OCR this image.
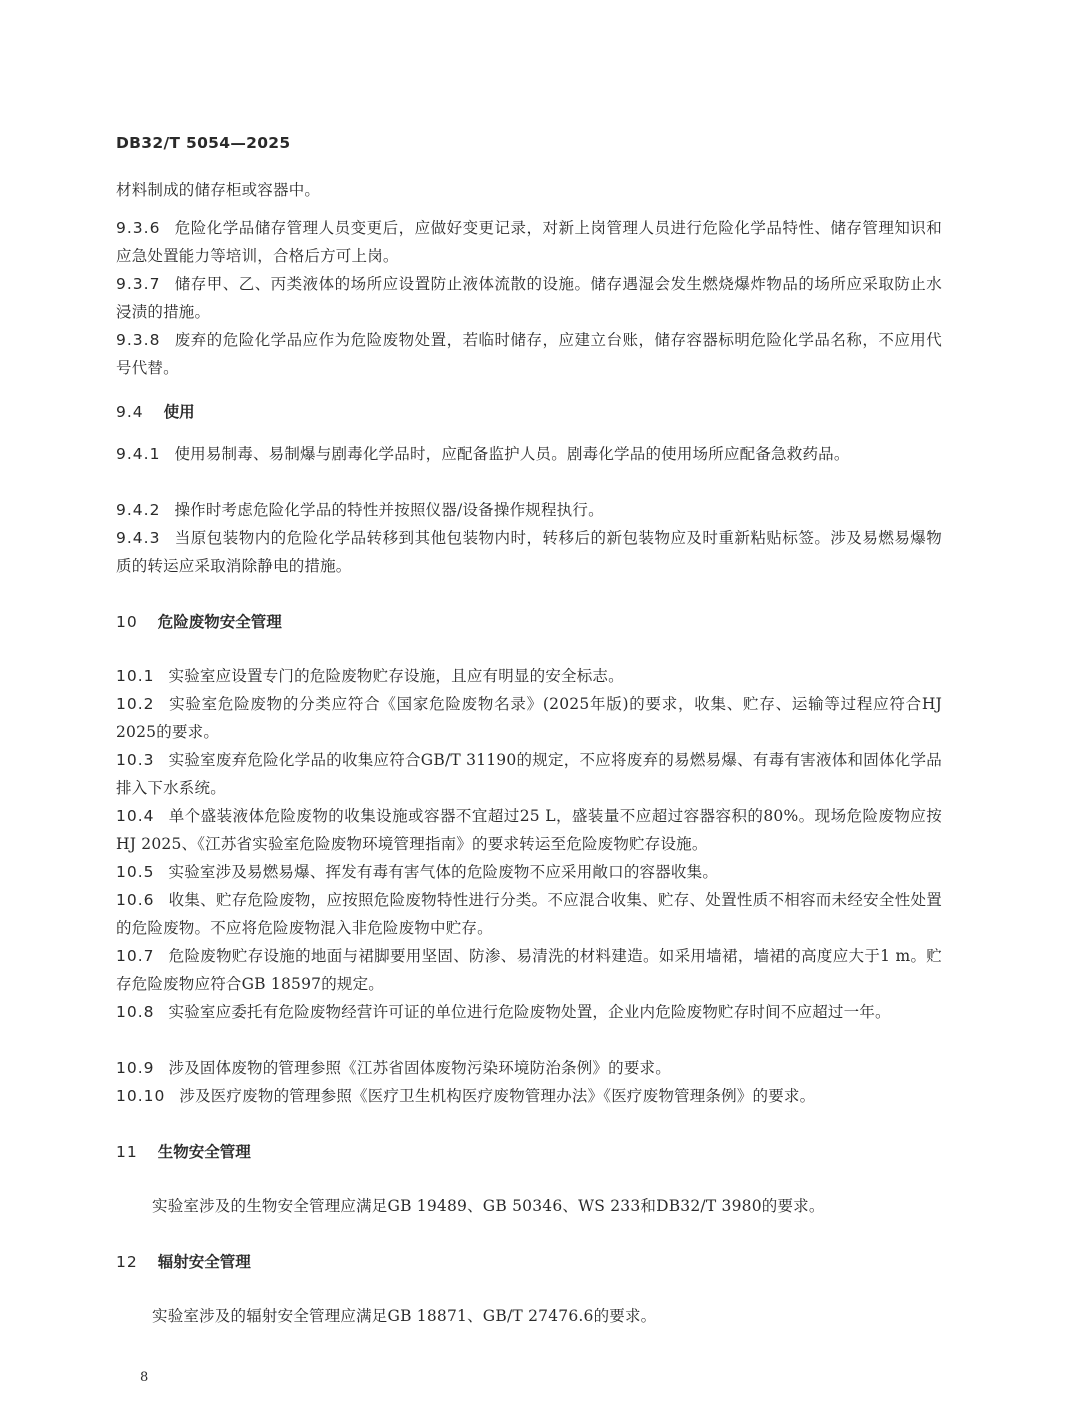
DB32/T 5054—2025
材料制成的储存柜或容器中。
9.3.6 危险化学品储存管理人员变更后，应做好变更记录，对新上岗管理人员进行危险化学品特性、储存管理知识和应急处置能力等培训，合格后方可上岗。
9.3.7 储存甲、乙、丙类液体的场所应设置防止液体流散的设施。储存遇湿会发生燃烧爆炸物品的场所应采取防止水浸渍的措施。
9.3.8 废弃的危险化学品应作为危险废物处置，若临时储存，应建立台账，储存容器标明危险化学品名称，不应用代号代替。
9.4 使用
9.4.1 使用易制毒、易制爆与剧毒化学品时，应配备监护人员。剧毒化学品的使用场所应配备急救药品。
9.4.2 操作时考虑危险化学品的特性并按照仪器/设备操作规程执行。
9.4.3 当原包装物内的危险化学品转移到其他包装物内时，转移后的新包装物应及时重新粘贴标签。涉及易燃易爆物质的转运应采取消除静电的措施。
10 危险废物安全管理
10.1 实验室应设置专门的危险废物贮存设施，且应有明显的安全标志。
10.2 实验室危险废物的分类应符合《国家危险废物名录》(2025年版)的要求，收集、贮存、运输等过程应符合HJ 2025的要求。
10.3 实验室废弃危险化学品的收集应符合GB/T 31190的规定，不应将废弃的易燃易爆、有毒有害液体和固体化学品排入下水系统。
10.4 单个盛装液体危险废物的收集设施或容器不宜超过25 L，盛装量不应超过容器容积的80%。现场危险废物应按HJ 2025、《江苏省实验室危险废物环境管理指南》的要求转运至危险废物贮存设施。
10.5 实验室涉及易燃易爆、挥发有毒有害气体的危险废物不应采用敞口的容器收集。
10.6 收集、贮存危险废物，应按照危险废物特性进行分类。不应混合收集、贮存、处置性质不相容而未经安全性处置的危险废物。不应将危险废物混入非危险废物中贮存。
10.7 危险废物贮存设施的地面与裙脚要用坚固、防渗、易清洗的材料建造。如采用墙裙，墙裙的高度应大于1 m。贮存危险废物应符合GB 18597的规定。
10.8 实验室应委托有危险废物经营许可证的单位进行危险废物处置，企业内危险废物贮存时间不应超过一年。
10.9 涉及固体废物的管理参照《江苏省固体废物污染环境防治条例》的要求。
10.10 涉及医疗废物的管理参照《医疗卫生机构医疗废物管理办法》《医疗废物管理条例》的要求。
11 生物安全管理
实验室涉及的生物安全管理应满足GB 19489、GB 50346、WS 233和DB32/T 3980的要求。
12 辐射安全管理
实验室涉及的辐射安全管理应满足GB 18871、GB/T 27476.6的要求。
8
